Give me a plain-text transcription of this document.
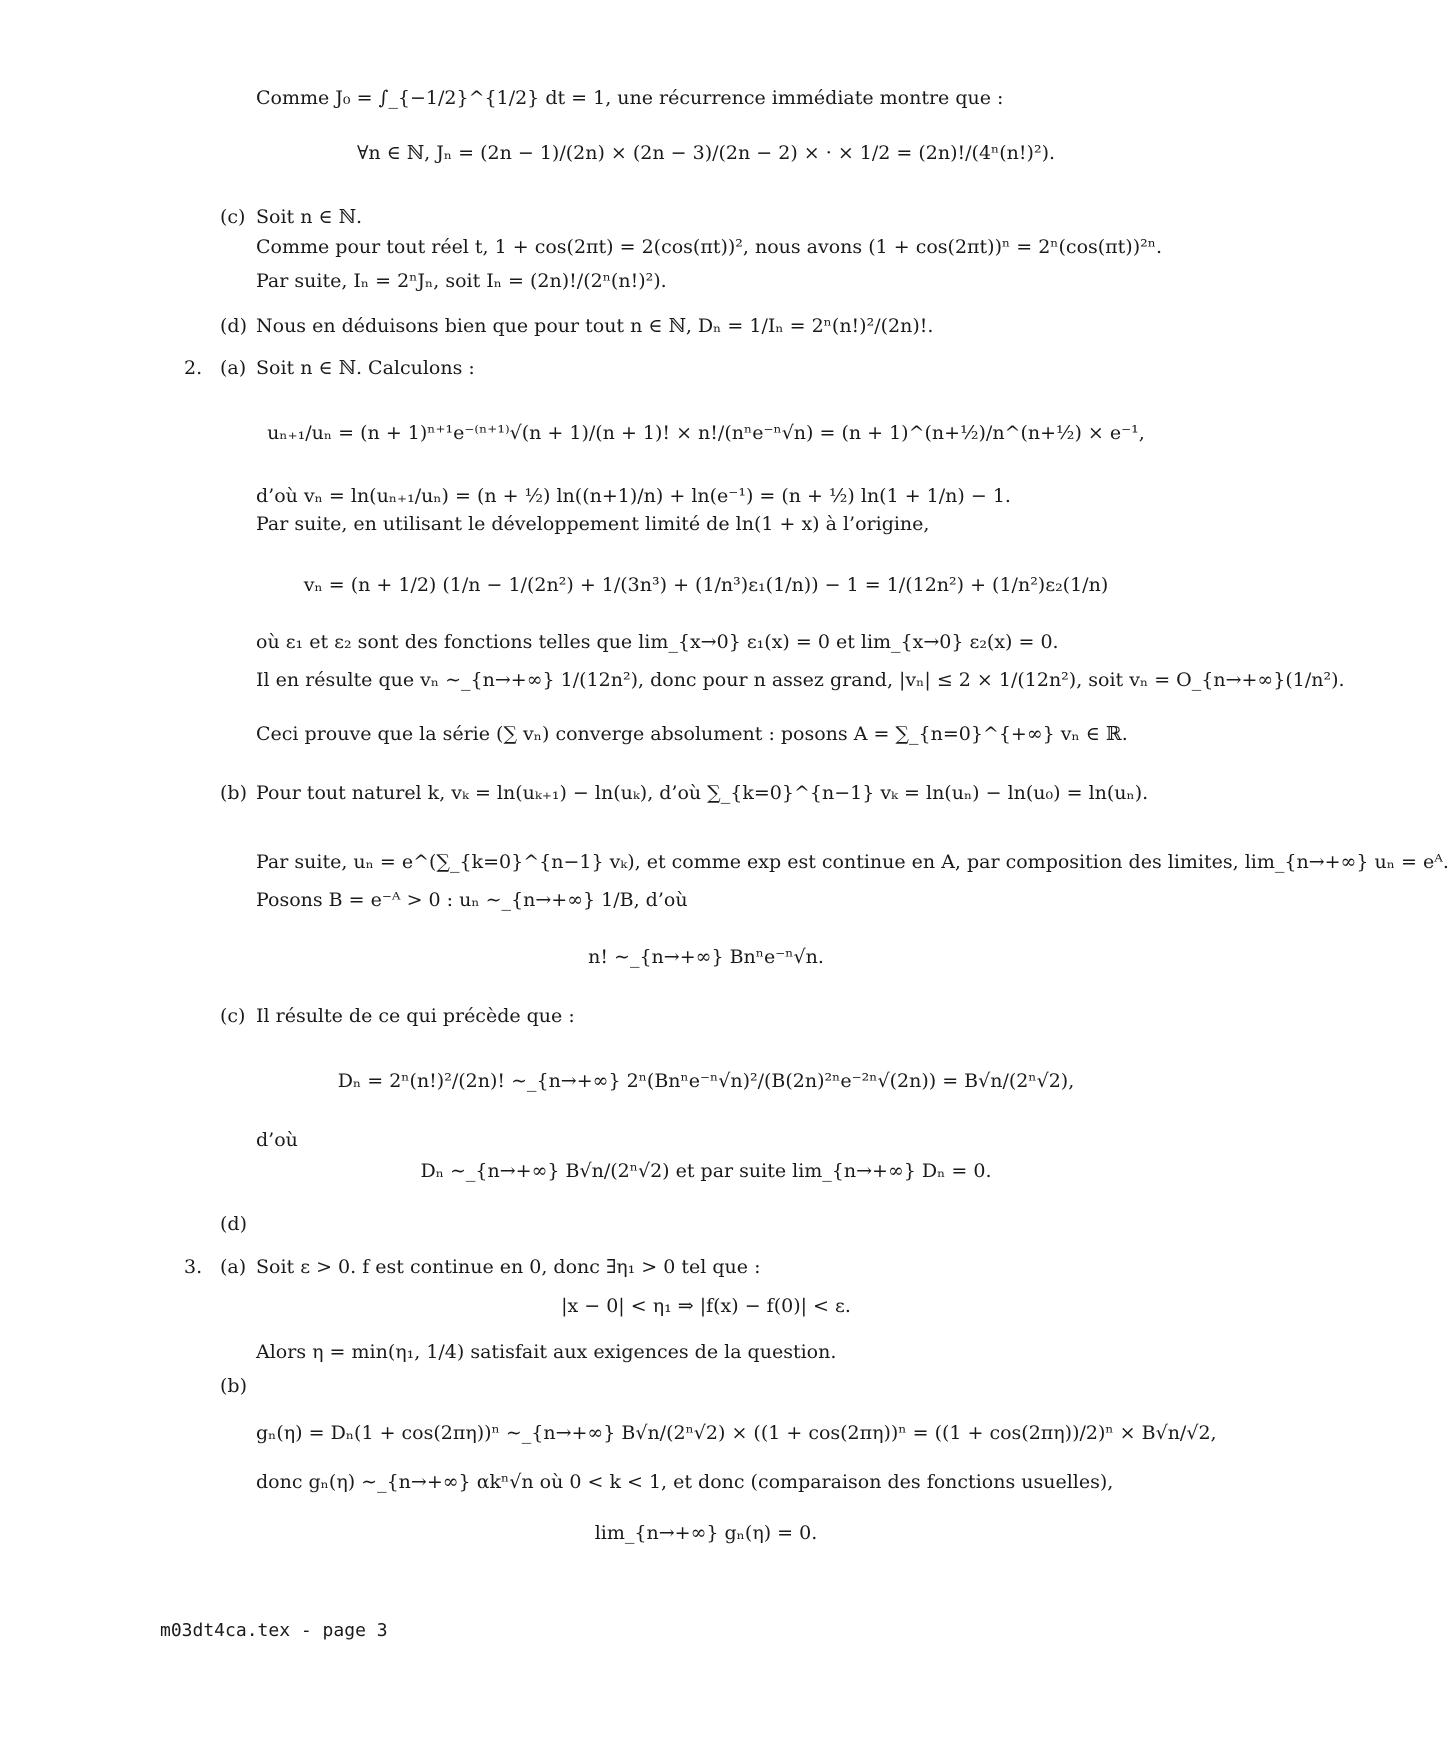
Comme J₀ = ∫_{−1/2}^{1/2} dt = 1, une récurrence immédiate montre que :
∀n ∈ ℕ, Jₙ = (2n − 1)/(2n) × (2n − 3)/(2n − 2) × · × 1/2 = (2n)!/(4ⁿ(n!)²).
(c) Soit n ∈ ℕ.
Comme pour tout réel t, 1 + cos(2πt) = 2(cos(πt))², nous avons (1 + cos(2πt))ⁿ = 2ⁿ(cos(πt))²ⁿ.
Par suite, Iₙ = 2ⁿJₙ, soit Iₙ = (2n)!/(2ⁿ(n!)²).
(d) Nous en déduisons bien que pour tout n ∈ ℕ, Dₙ = 1/Iₙ = 2ⁿ(n!)²/(2n)!.
2. (a) Soit n ∈ ℕ. Calculons :
uₙ₊₁/uₙ = (n + 1)ⁿ⁺¹e⁻⁽ⁿ⁺¹⁾√(n + 1)/(n + 1)! × n!/(nⁿe⁻ⁿ√n) = (n + 1)^(n+½)/n^(n+½) × e⁻¹,
d’où vₙ = ln(uₙ₊₁/uₙ) = (n + ½) ln((n+1)/n) + ln(e⁻¹) = (n + ½) ln(1 + 1/n) − 1.
Par suite, en utilisant le développement limité de ln(1 + x) à l’origine,
vₙ = (n + 1/2) (1/n − 1/(2n²) + 1/(3n³) + (1/n³)ε₁(1/n)) − 1 = 1/(12n²) + (1/n²)ε₂(1/n)
où ε₁ et ε₂ sont des fonctions telles que lim_{x→0} ε₁(x) = 0 et lim_{x→0} ε₂(x) = 0.
Il en résulte que vₙ ∼_{n→+∞} 1/(12n²), donc pour n assez grand, |vₙ| ≤ 2 × 1/(12n²), soit vₙ = O_{n→+∞}(1/n²).
Ceci prouve que la série (∑ vₙ) converge absolument : posons A = ∑_{n=0}^{+∞} vₙ ∈ ℝ.
(b) Pour tout naturel k, vₖ = ln(uₖ₊₁) − ln(uₖ), d’où ∑_{k=0}^{n−1} vₖ = ln(uₙ) − ln(u₀) = ln(uₙ).
Par suite, uₙ = e^(∑_{k=0}^{n−1} vₖ), et comme exp est continue en A, par composition des limites, lim_{n→+∞} uₙ = eᴬ.
Posons B = e⁻ᴬ > 0 : uₙ ∼_{n→+∞} 1/B, d’où
n! ∼_{n→+∞} Bnⁿe⁻ⁿ√n.
(c) Il résulte de ce qui précède que :
Dₙ = 2ⁿ(n!)²/(2n)! ∼_{n→+∞} 2ⁿ(Bnⁿe⁻ⁿ√n)²/(B(2n)²ⁿe⁻²ⁿ√(2n)) = B√n/(2ⁿ√2),
d’où
Dₙ ∼_{n→+∞} B√n/(2ⁿ√2) et par suite lim_{n→+∞} Dₙ = 0.
(d)
3. (a) Soit ε > 0. f est continue en 0, donc ∃η₁ > 0 tel que :
|x − 0| < η₁ ⇒ |f(x) − f(0)| < ε.
Alors η = min(η₁, 1/4) satisfait aux exigences de la question.
(b)
gₙ(η) = Dₙ(1 + cos(2πη))ⁿ ∼_{n→+∞} B√n/(2ⁿ√2) × ((1 + cos(2πη))ⁿ = ((1 + cos(2πη))/2)ⁿ × B√n/√2,
donc gₙ(η) ∼_{n→+∞} αkⁿ√n où 0 < k < 1, et donc (comparaison des fonctions usuelles),
lim_{n→+∞} gₙ(η) = 0.
m03dt4ca.tex - page 3
